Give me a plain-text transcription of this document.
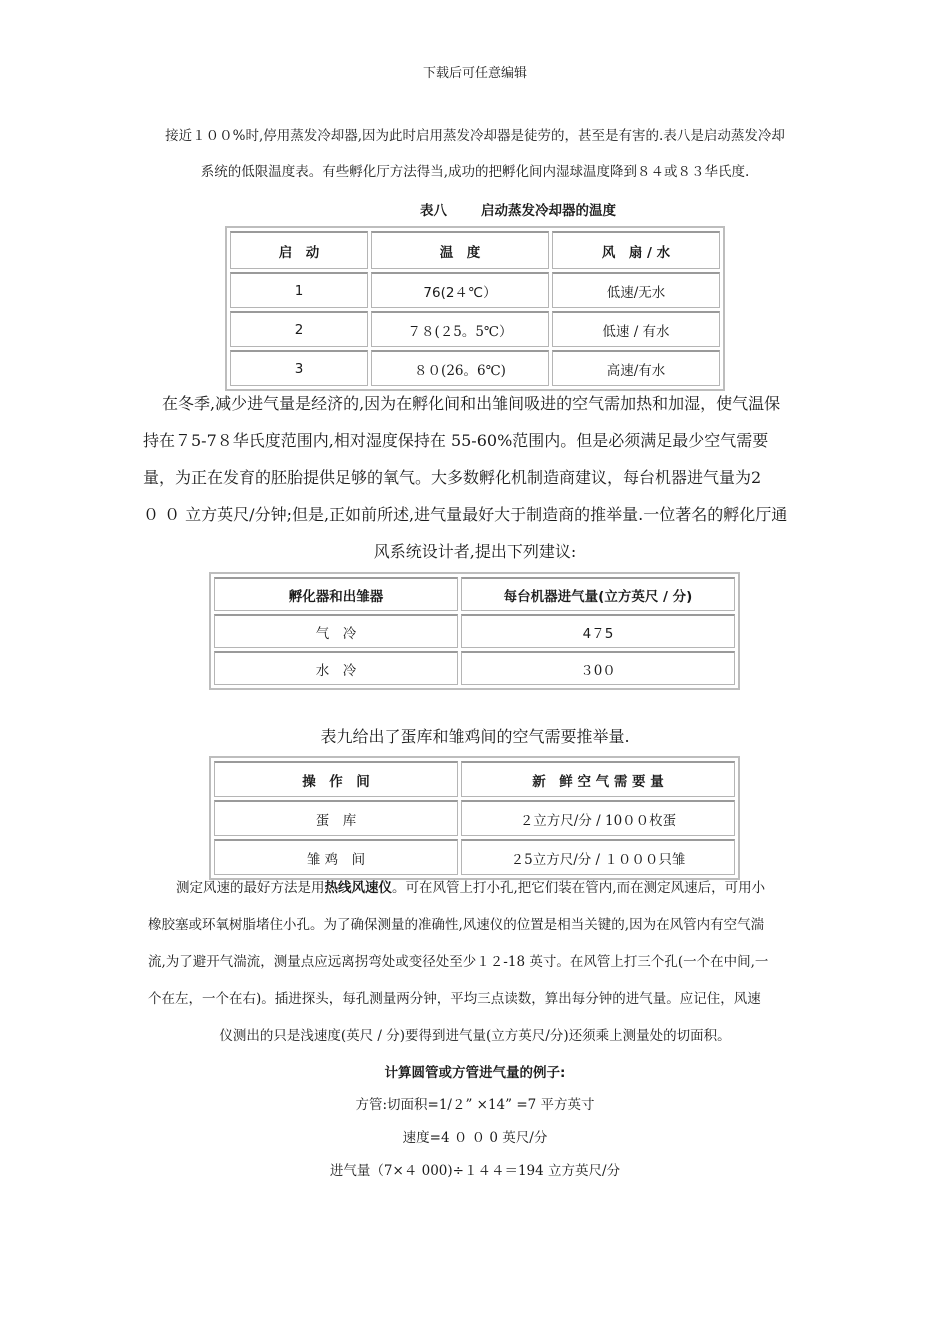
下载后可任意编辑
接近１００%时,停用蒸发冷却器,因为此时启用蒸发冷却器是徒劳的，甚至是有害的.表八是启动蒸发冷却
系统的低限温度表。有些孵化厅方法得当,成功的把孵化间内湿球温度降到８４或８３华氏度.
表八	启动蒸发冷却器的温度
启　动	温　度	风　扇 / 水
1	76(2４℃）	低速/无水
2	７８(２5。5℃）	低速 / 有水
3	８０(26。6℃)	高速/有水
在冬季,减少进气量是经济的,因为在孵化间和出雏间吸进的空气需加热和加湿，使气温保
持在７5-7８华氏度范围内,相对湿度保持在 55-60%范围内。但是必须满足最少空气需要
量，为正在发育的胚胎提供足够的氧气。大多数孵化机制造商建议，每台机器进气量为2
０ ０ 立方英尺/分钟;但是,正如前所述,进气量最好大于制造商的推举量.一位著名的孵化厅通
风系统设计者,提出下列建议:
孵化器和出雏器	每台机器进气量(立方英尺 / 分)
气　冷	4７5
水　冷	３0０
表九给出了蛋库和雏鸡间的空气需要推举量.
操　作　间	新　鲜 空 气 需 要 量
蛋　库	２立方尺/分 / 10００枚蛋
雏 鸡　间	２5立方尺/分 / １０００只雏
测定风速的最好方法是用热线风速仪。可在风管上打小孔,把它们装在管内,而在测定风速后，可用小
橡胶塞或环氧树脂堵住小孔。为了确保测量的准确性,风速仪的位置是相当关键的,因为在风管内有空气湍
流,为了避开气湍流，测量点应远离拐弯处或变径处至少１２-18 英寸。在风管上打三个孔(一个在中间,一
个在左，一个在右)。插进探头，每孔测量两分钟，平均三点读数，算出每分钟的进气量。应记住，风速
仪测出的只是浅速度(英尺 / 分)要得到进气量(立方英尺/分)还须乘上测量处的切面积。
计算圆管或方管进气量的例子:
方管:切面积=1/２” ×14” =7 平方英寸
速度=4 ０ ０ 0 英尺/分
进气量（7×４ 000)÷１４４＝194 立方英尺/分
